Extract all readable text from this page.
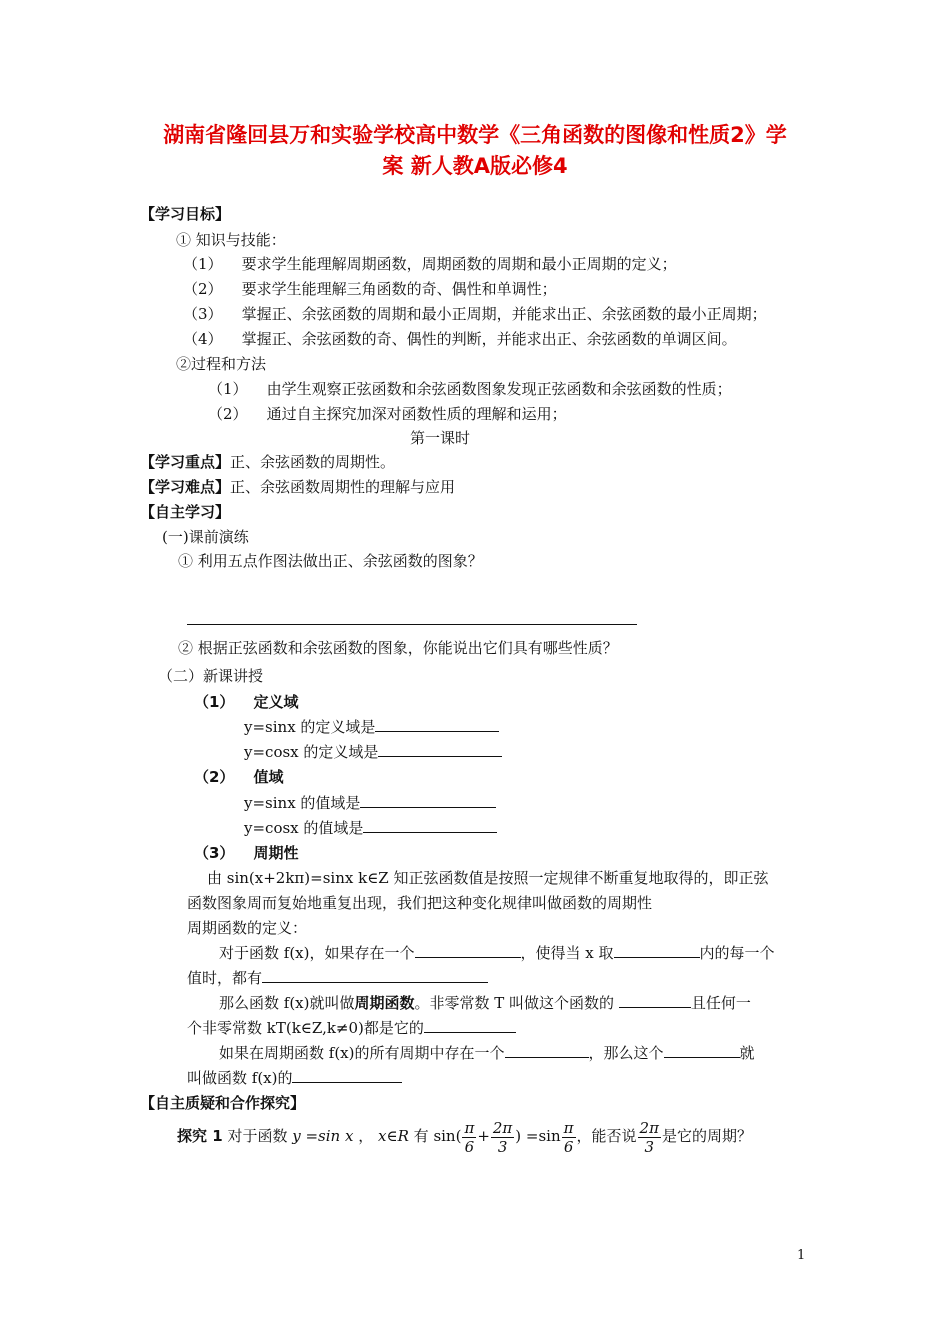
湖南省隆回县万和实验学校高中数学《三角函数的图像和性质2》学
案 新人教A版必修4
【学习目标】
① 知识与技能：
（1） 要求学生能理解周期函数，周期函数的周期和最小正周期的定义；
（2） 要求学生能理解三角函数的奇、偶性和单调性；
（3） 掌握正、余弦函数的周期和最小正周期，并能求出正、余弦函数的最小正周期；
（4） 掌握正、余弦函数的奇、偶性的判断，并能求出正、余弦函数的单调区间。
②过程和方法
（1） 由学生观察正弦函数和余弦函数图象发现正弦函数和余弦函数的性质；
（2） 通过自主探究加深对函数性质的理解和运用；
第一课时
【学习重点】正、余弦函数的周期性。
【学习难点】正、余弦函数周期性的理解与应用
【自主学习】
(一)课前演练
① 利用五点作图法做出正、余弦函数的图象？
② 根据正弦函数和余弦函数的图象，你能说出它们具有哪些性质？
（二）新课讲授
（1） 定义域
y=sinx 的定义域是
y=cosx 的定义域是
（2） 值域
y=sinx 的值域是
y=cosx 的值域是
（3） 周期性
由 sin(x+2kπ)=sinx k∈Z 知正弦函数值是按照一定规律不断重复地取得的，即正弦
函数图象周而复始地重复出现，我们把这种变化规律叫做函数的周期性
周期函数的定义：
对于函数 f(x)，如果存在一个	，使得当 x 取	内的每一个
值时，都有
那么函数 f(x)就叫做周期函数。非零常数 T 叫做这个函数的	且任何一
个非零常数 kT(k∈Z,k≠0)都是它的
如果在周期函数 f(x)的所有周期中存在一个	，那么这个	就
叫做函数 f(x)的
【自主质疑和合作探究】
探究 1 对于函数 y =sin x ， x∈R 有 $\sin( \frac{\pi}{6} + \frac{2\pi}{3}$ ) $=\sin \frac{\pi}{6}$ ，能否说 $\frac{2\pi}{3}$ 是它的周期？
1
